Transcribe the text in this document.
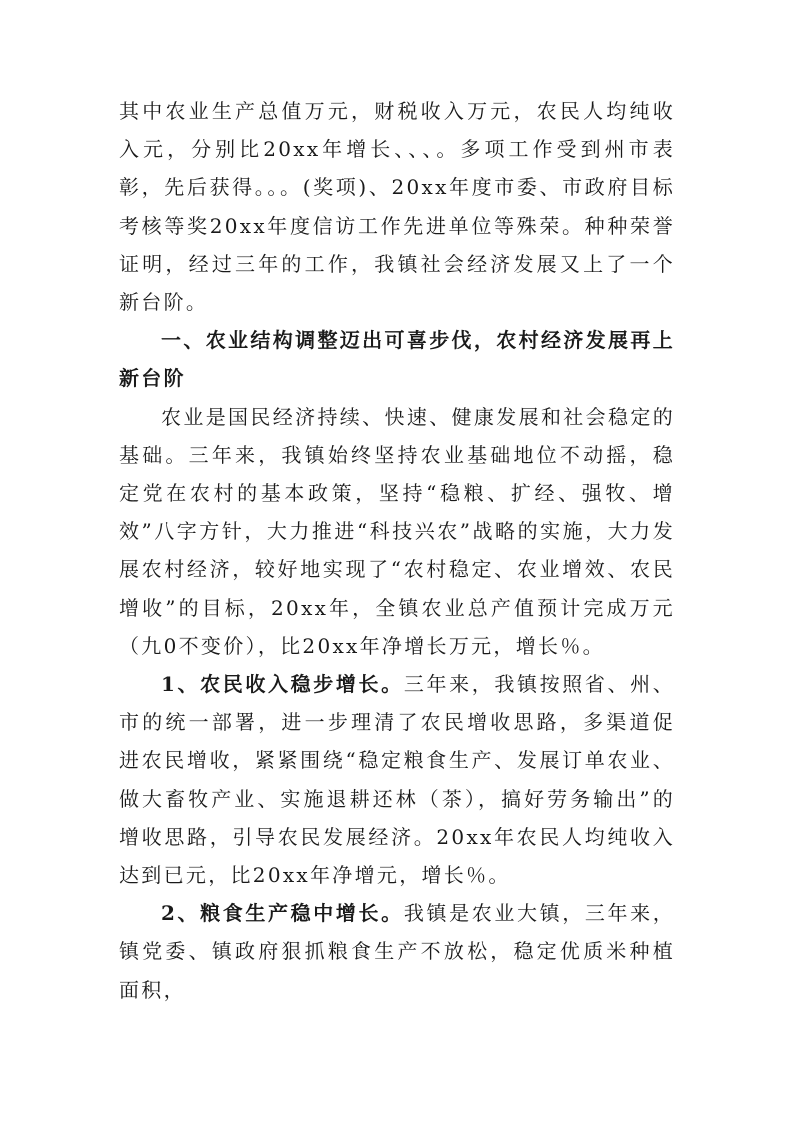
其中农业生产总值万元，财税收入万元，农民人均纯收入元，分别比20xx年增长、、、。多项工作受到州市表彰，先后获得。。。(奖项)、20xx年度市委、市政府目标考核等奖20xx年度信访工作先进单位等殊荣。种种荣誉证明，经过三年的工作，我镇社会经济发展又上了一个新台阶。

一、农业结构调整迈出可喜步伐，农村经济发展再上新台阶

农业是国民经济持续、快速、健康发展和社会稳定的基础。三年来，我镇始终坚持农业基础地位不动摇，稳定党在农村的基本政策，坚持“稳粮、扩经、强牧、增效”八字方针，大力推进“科技兴农”战略的实施，大力发展农村经济，较好地实现了“农村稳定、农业增效、农民增收”的目标，20xx年，全镇农业总产值预计完成万元（九0不变价），比20xx年净增长万元，增长％。

1、农民收入稳步增长。三年来，我镇按照省、州、市的统一部署，进一步理清了农民增收思路，多渠道促进农民增收，紧紧围绕“稳定粮食生产、发展订单农业、做大畜牧产业、实施退耕还林（茶），搞好劳务输出”的增收思路，引导农民发展经济。20xx年农民人均纯收入达到已元，比20xx年净增元，增长％。

2、粮食生产稳中增长。我镇是农业大镇，三年来，镇党委、镇政府狠抓粮食生产不放松，稳定优质米种植面积，
